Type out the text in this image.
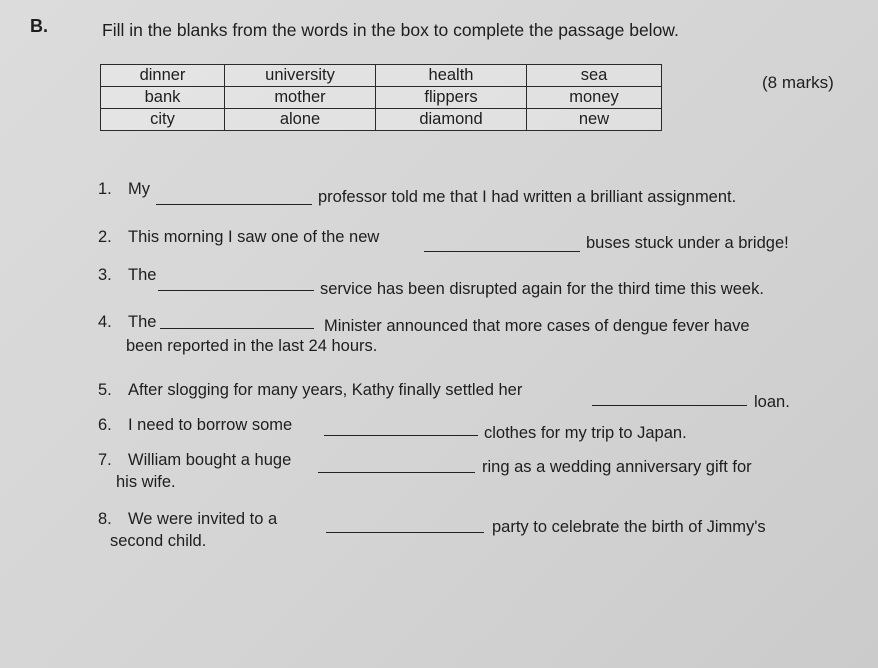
B.	Fill in the blanks from the words in the box to complete the passage below.
(8 marks)
dinner	university	health	sea
bank	mother	flippers	money
city	alone	diamond	new
1. My	professor told me that I had written a brilliant assignment.
2. This morning I saw one of the new	buses stuck under a bridge!
3. The
service has been disrupted again for the third time this week.
4. The	Minister announced that more cases of dengue fever have
been reported in the last 24 hours.
5. After slogging for many years, Kathy finally settled her
loan.
6. I need to borrow some	clothes for my trip to Japan.
7. William bought a huge	ring as a wedding anniversary gift for
his wife.
8. We were invited to a	party to celebrate the birth of Jimmy's
second child.
